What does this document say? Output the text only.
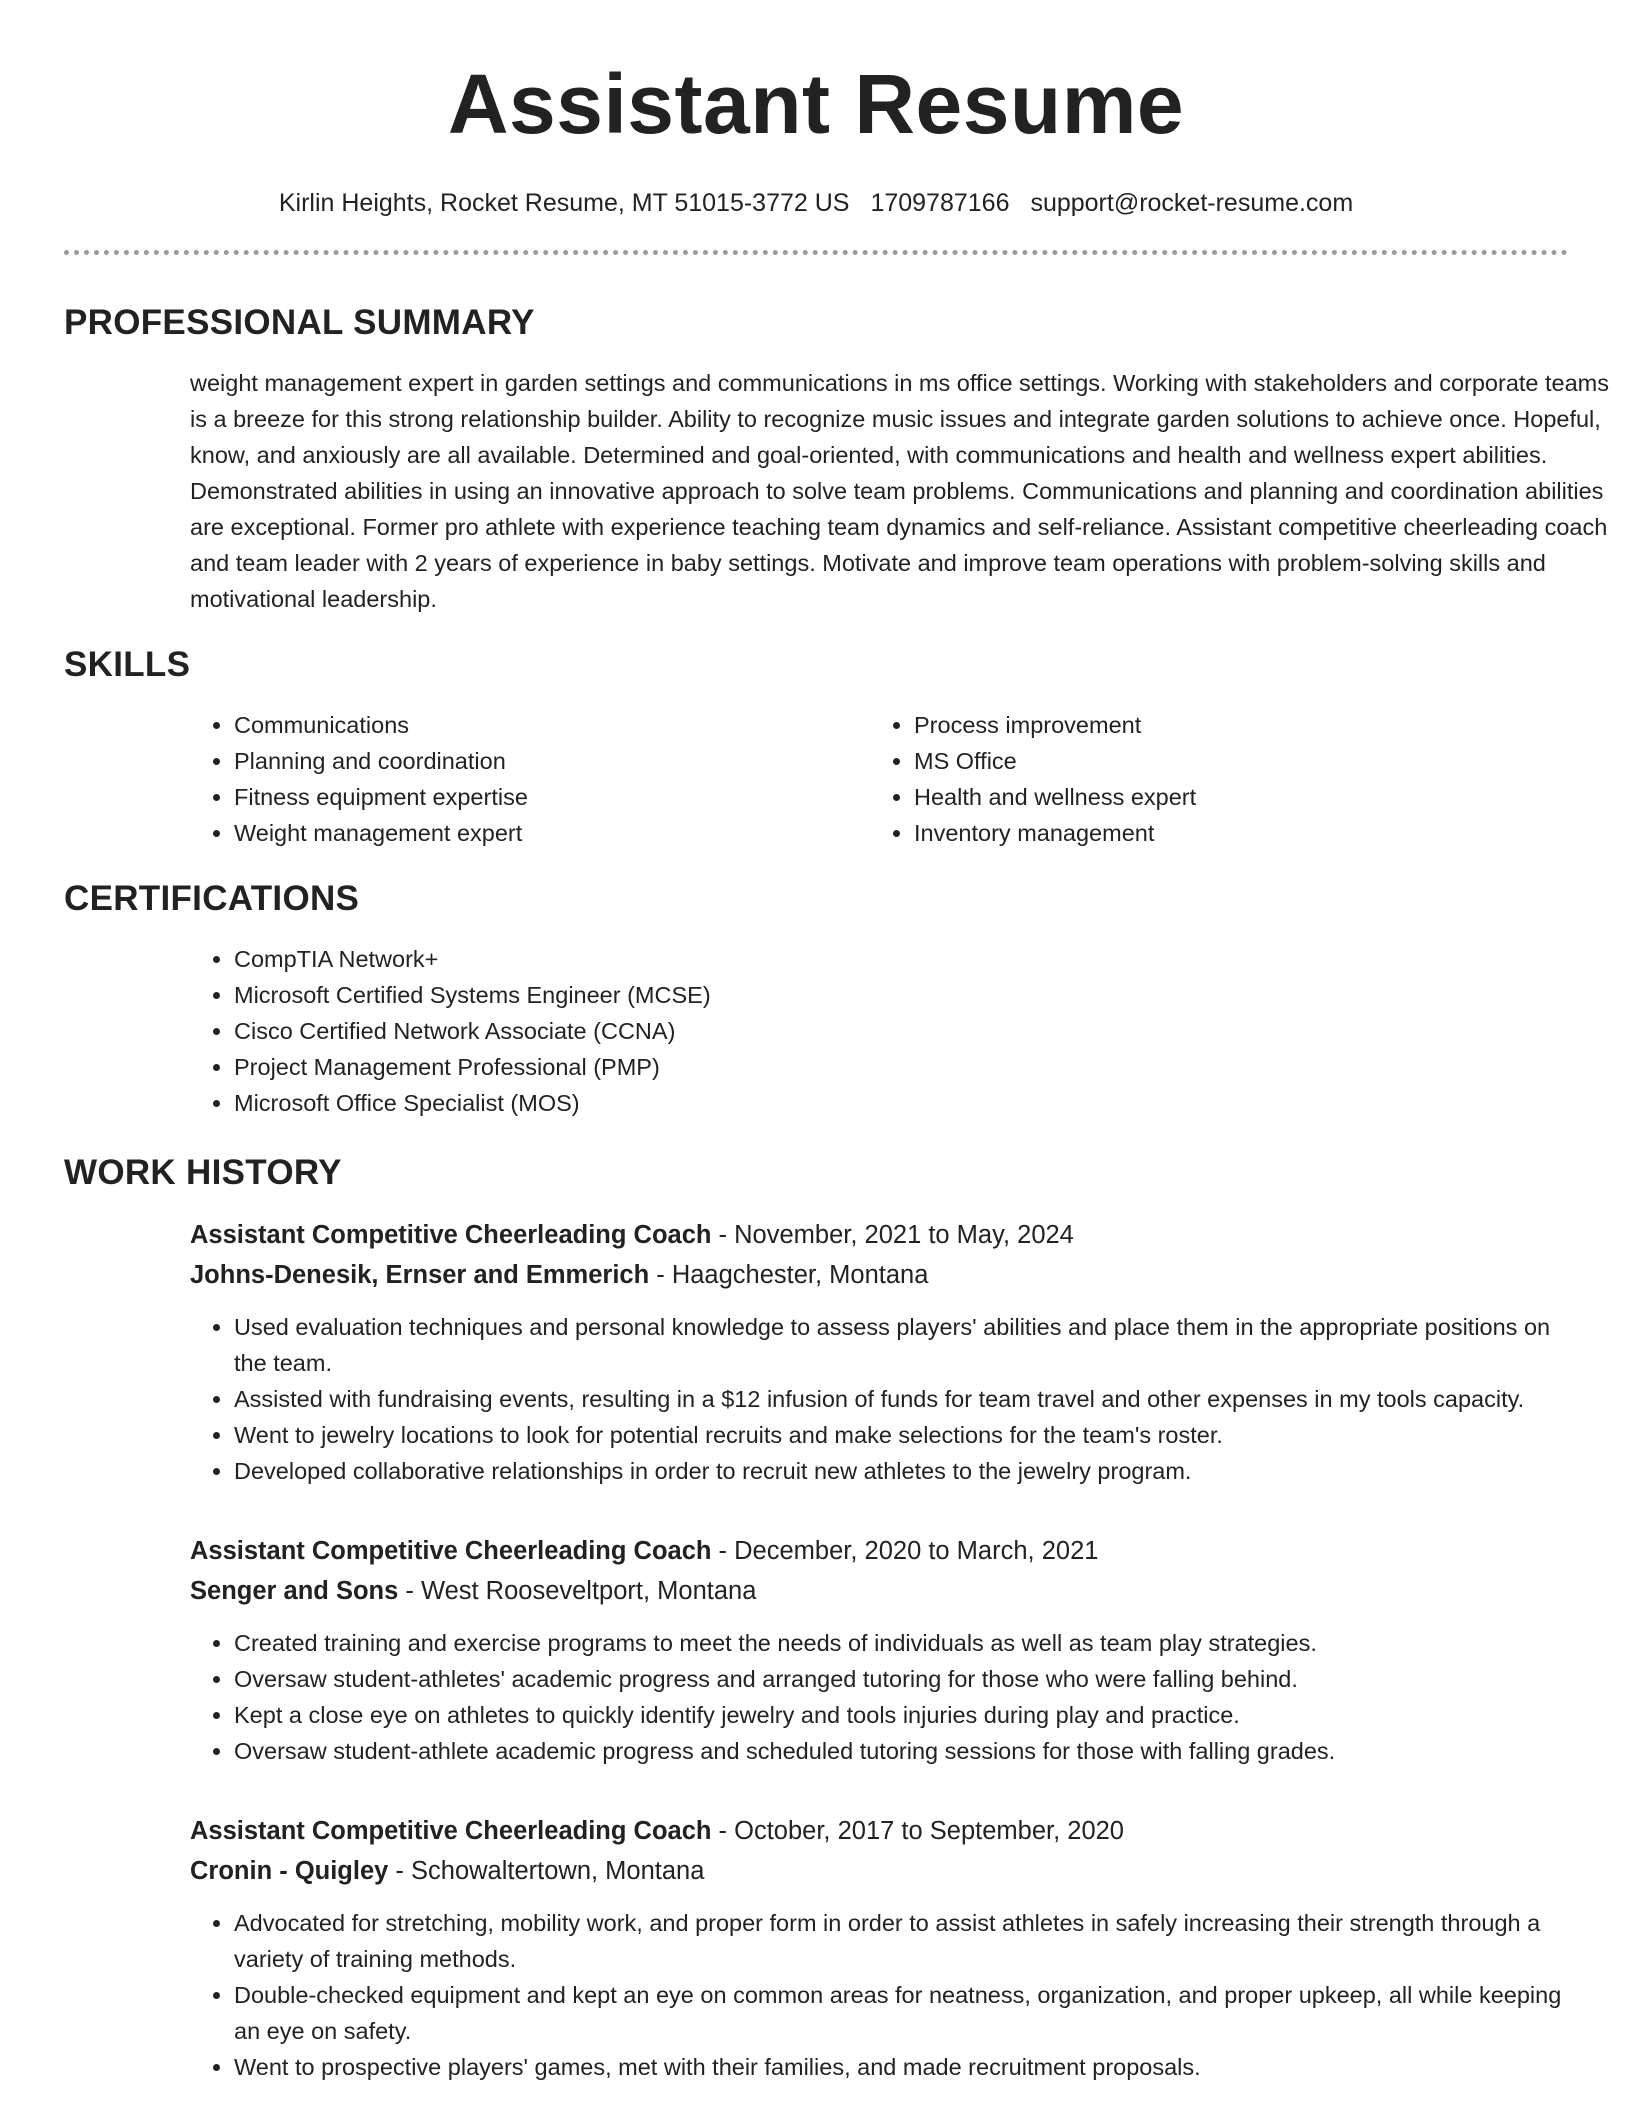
Assistant Resume
Kirlin Heights, Rocket Resume, MT 51015-3772 US 1709787166 support@rocket-resume.com
PROFESSIONAL SUMMARY
weight management expert in garden settings and communications in ms office settings. Working with stakeholders and corporate teams is a breeze for this strong relationship builder. Ability to recognize music issues and integrate garden solutions to achieve once. Hopeful, know, and anxiously are all available. Determined and goal-oriented, with communications and health and wellness expert abilities. Demonstrated abilities in using an innovative approach to solve team problems. Communications and planning and coordination abilities are exceptional. Former pro athlete with experience teaching team dynamics and self-reliance. Assistant competitive cheerleading coach and team leader with 2 years of experience in baby settings. Motivate and improve team operations with problem-solving skills and motivational leadership.
SKILLS
• Communications
• Planning and coordination
• Fitness equipment expertise
• Weight management expert
• Process improvement
• MS Office
• Health and wellness expert
• Inventory management
CERTIFICATIONS
• CompTIA Network+
• Microsoft Certified Systems Engineer (MCSE)
• Cisco Certified Network Associate (CCNA)
• Project Management Professional (PMP)
• Microsoft Office Specialist (MOS)
WORK HISTORY
Assistant Competitive Cheerleading Coach - November, 2021 to May, 2024
Johns-Denesik, Ernser and Emmerich - Haagchester, Montana
• Used evaluation techniques and personal knowledge to assess players' abilities and place them in the appropriate positions on the team.
• Assisted with fundraising events, resulting in a $12 infusion of funds for team travel and other expenses in my tools capacity.
• Went to jewelry locations to look for potential recruits and make selections for the team's roster.
• Developed collaborative relationships in order to recruit new athletes to the jewelry program.
Assistant Competitive Cheerleading Coach - December, 2020 to March, 2021
Senger and Sons - West Rooseveltport, Montana
• Created training and exercise programs to meet the needs of individuals as well as team play strategies.
• Oversaw student-athletes' academic progress and arranged tutoring for those who were falling behind.
• Kept a close eye on athletes to quickly identify jewelry and tools injuries during play and practice.
• Oversaw student-athlete academic progress and scheduled tutoring sessions for those with falling grades.
Assistant Competitive Cheerleading Coach - October, 2017 to September, 2020
Cronin - Quigley - Schowaltertown, Montana
• Advocated for stretching, mobility work, and proper form in order to assist athletes in safely increasing their strength through a variety of training methods.
• Double-checked equipment and kept an eye on common areas for neatness, organization, and proper upkeep, all while keeping an eye on safety.
• Went to prospective players' games, met with their families, and made recruitment proposals.
